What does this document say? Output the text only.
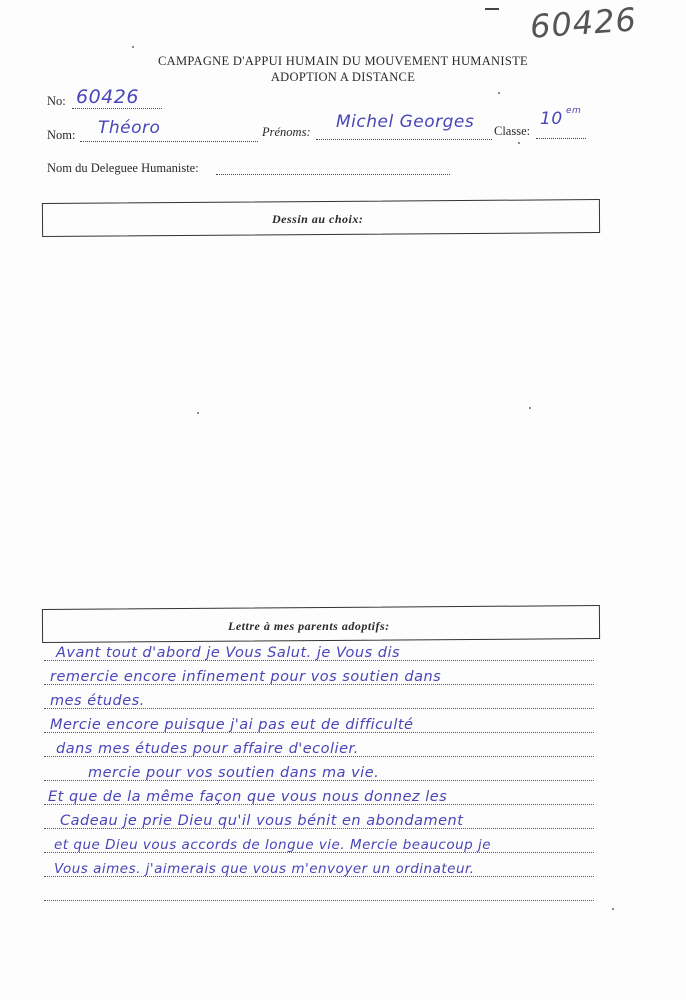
60426
CAMPAGNE D'APPUI HUMAIN DU MOUVEMENT HUMANISTE
ADOPTION A DISTANCE
No: 60426
Nom: Théoro	Prénoms: Michel Georges Classe:
10 em
Nom du Deleguee Humaniste:
Dessin au choix:
Lettre à mes parents adoptifs:
Avant tout d'abord je Vous Salut. je Vous dis
remercie encore infinement pour vos soutien dans
mes études.
Mercie encore puisque j'ai pas eut de difficulté
dans mes études pour affaire d'ecolier.
mercie pour vos soutien dans ma vie.
Et que de la même façon que vous nous donnez les
Cadeau je prie Dieu qu'il vous bénit en abondament
et que Dieu vous accords de longue vie. Mercie beaucoup je
Vous aimes. j'aimerais que vous m'envoyer un ordinateur.
